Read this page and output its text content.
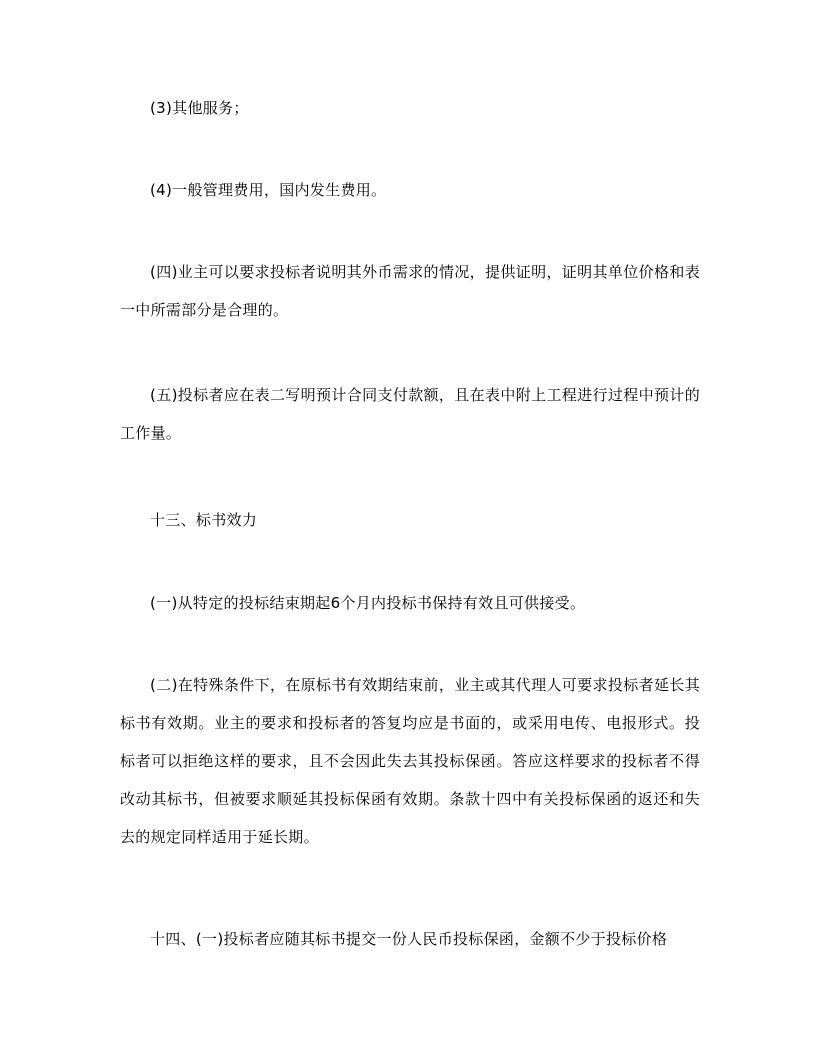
(3)其他服务；

(4)一般管理费用，国内发生费用。

(四)业主可以要求投标者说明其外币需求的情况，提供证明，证明其单位价格和表一中所需部分是合理的。

(五)投标者应在表二写明预计合同支付款额，且在表中附上工程进行过程中预计的工作量。

十三、标书效力

(一)从特定的投标结束期起6个月内投标书保持有效且可供接受。

(二)在特殊条件下，在原标书有效期结束前，业主或其代理人可要求投标者延长其标书有效期。业主的要求和投标者的答复均应是书面的，或采用电传、电报形式。投标者可以拒绝这样的要求，且不会因此失去其投标保函。答应这样要求的投标者不得改动其标书，但被要求顺延其投标保函有效期。条款十四中有关投标保函的返还和失去的规定同样适用于延长期。

十四、(一)投标者应随其标书提交一份人民币投标保函，金额不少于投标价格
